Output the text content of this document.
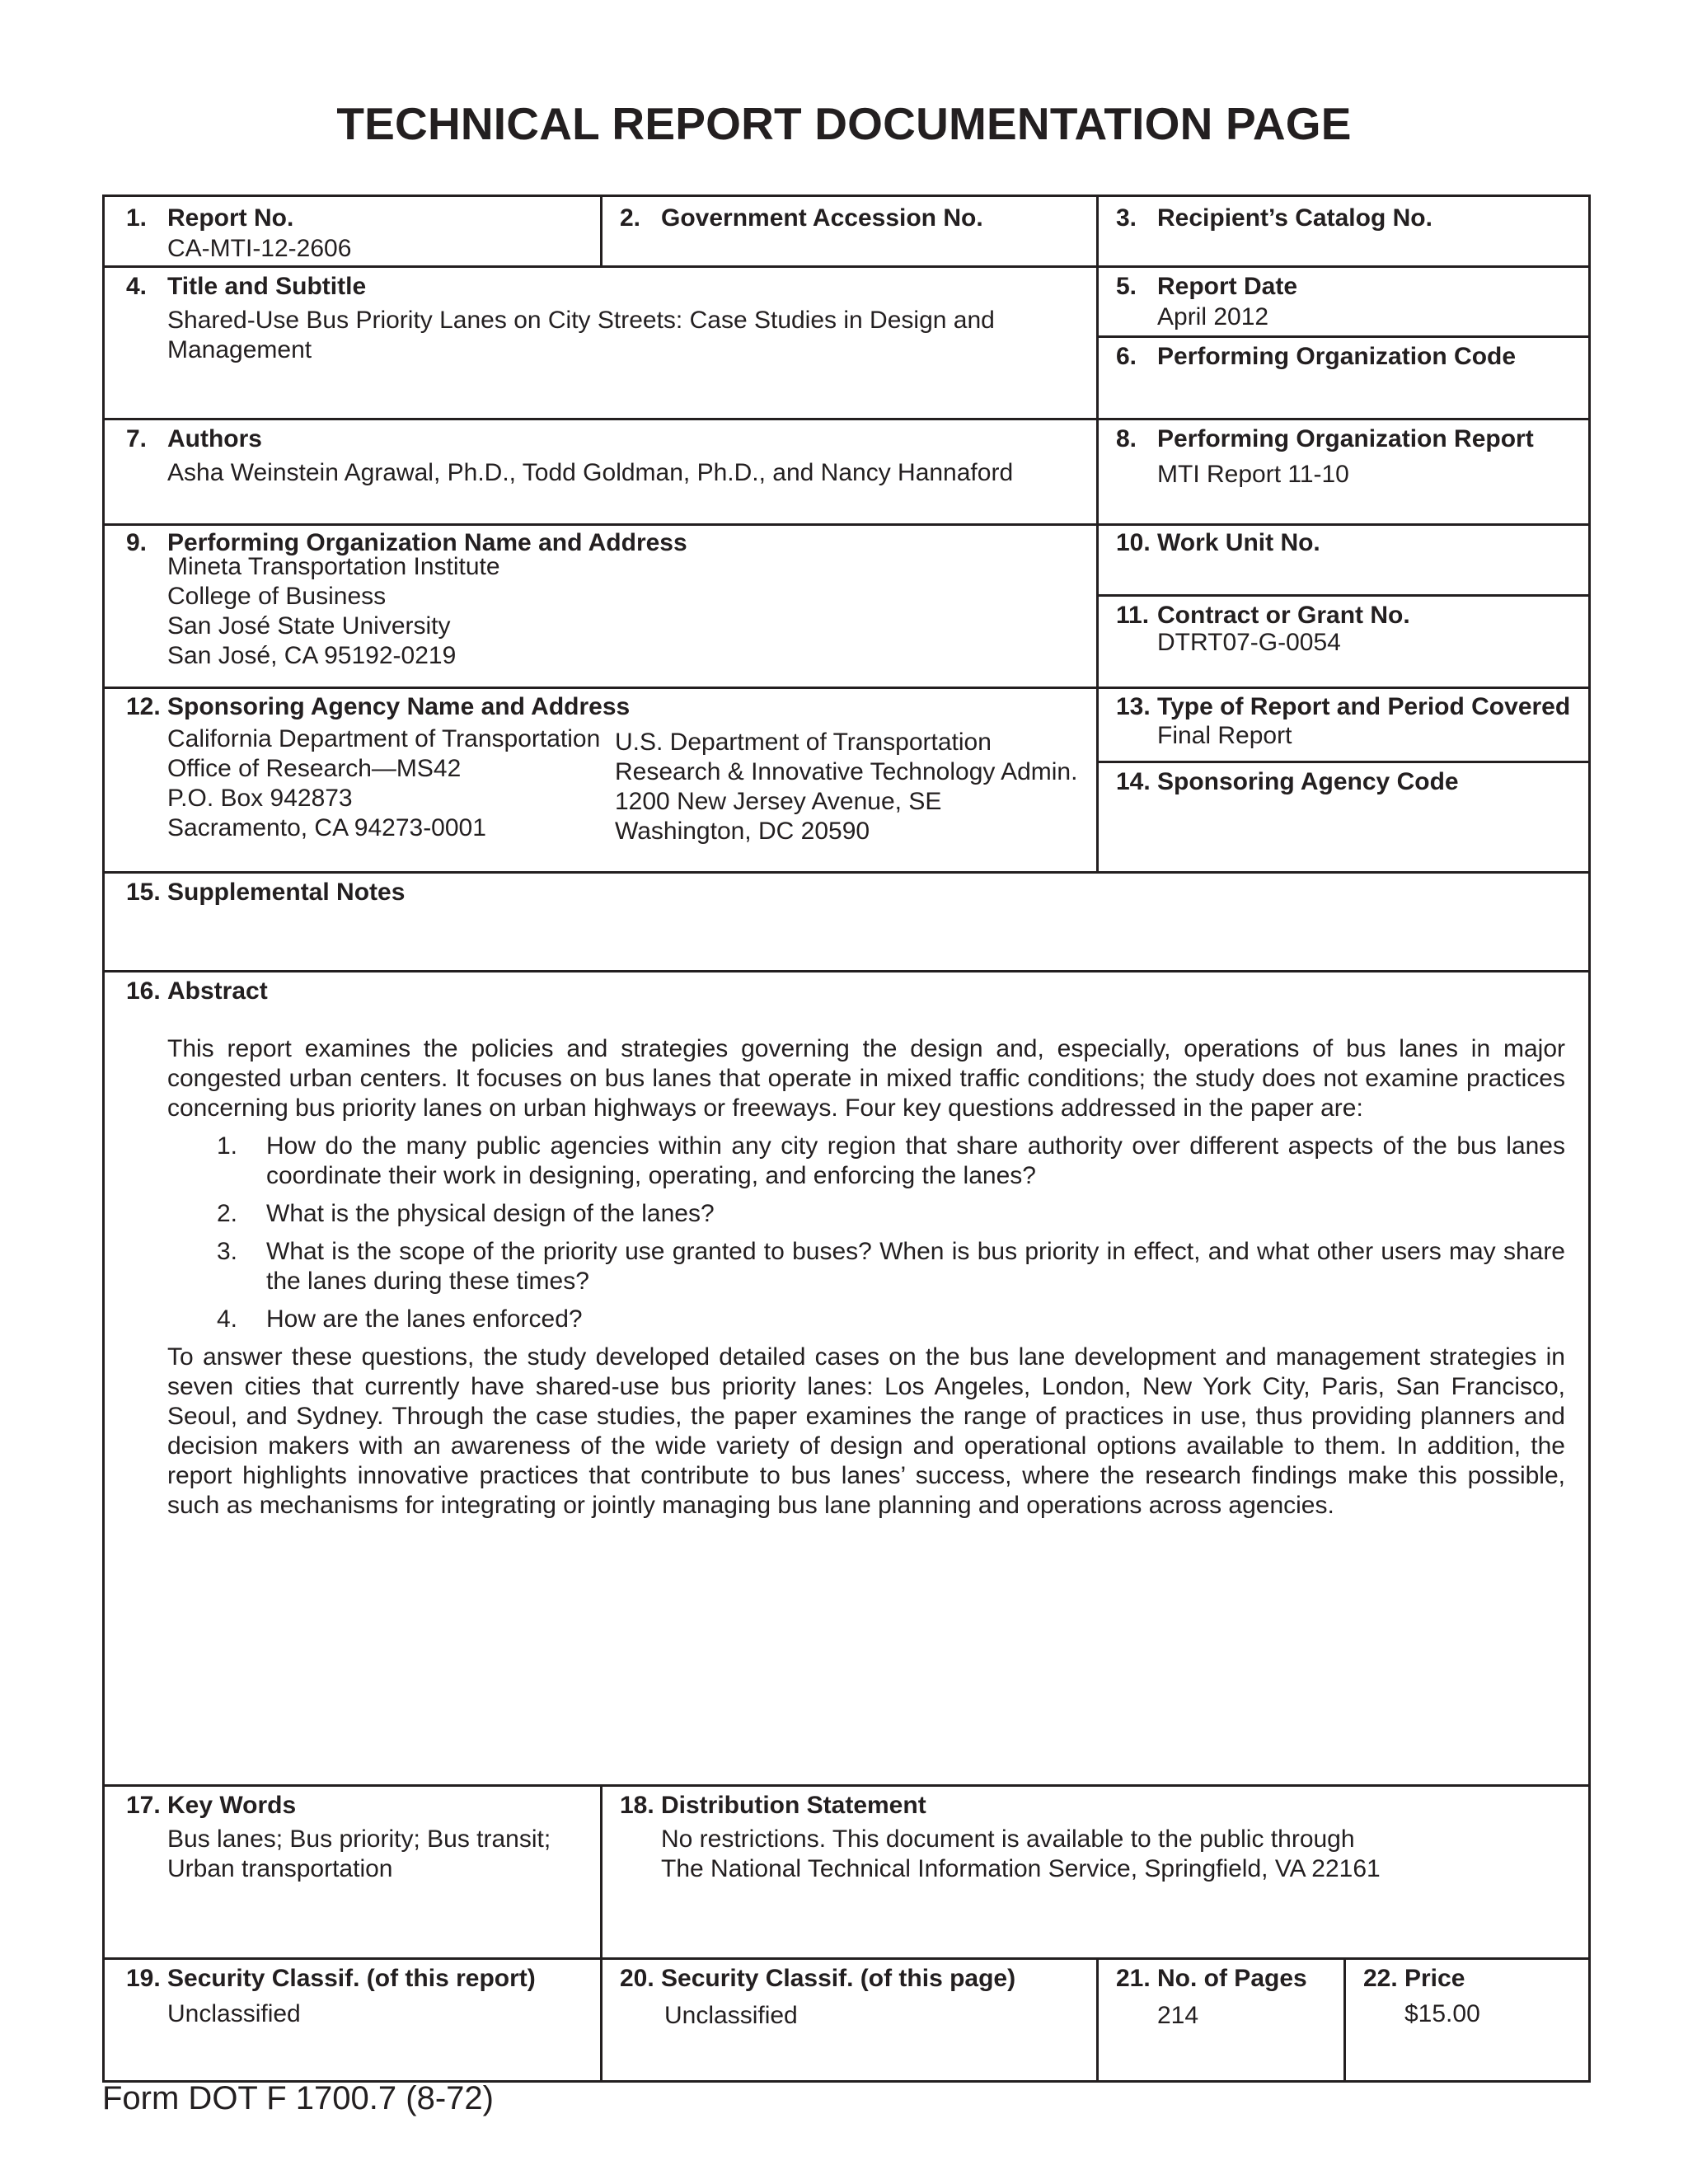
TECHNICAL REPORT DOCUMENTATION PAGE
1. Report No.
CA-MTI-12-2606
2. Government Accession No.	3. Recipient’s Catalog No.
4. Title and Subtitle
Shared-Use Bus Priority Lanes on City Streets: Case Studies in Design and
Management
5. Report Date
April 2012
6. Performing Organization Code
7. Authors
Asha Weinstein Agrawal, Ph.D., Todd Goldman, Ph.D., and Nancy Hannaford
8. Performing Organization Report
MTI Report 11-10
9. Performing Organization Name and Address
Mineta Transportation Institute
College of Business
San José State University
San José, CA 95192-0219
10. Work Unit No.
11. Contract or Grant No.
DTRT07-G-0054
12. Sponsoring Agency Name and Address
California Department of Transportation
Office of Research—MS42
P.O. Box 942873
Sacramento, CA 94273-0001
U.S. Department of Transportation
Research & Innovative Technology Admin.
1200 New Jersey Avenue, SE
Washington, DC 20590
13. Type of Report and Period Covered
Final Report
14. Sponsoring Agency Code
15. Supplemental Notes
16. Abstract

This report examines the policies and strategies governing the design and, especially, operations of bus lanes in major congested urban centers. It focuses on bus lanes that operate in mixed traffic conditions; the study does not examine practices concerning bus priority lanes on urban highways or freeways. Four key questions addressed in the paper are:

1. How do the many public agencies within any city region that share authority over different aspects of the bus lanes coordinate their work in designing, operating, and enforcing the lanes?
2. What is the physical design of the lanes?
3. What is the scope of the priority use granted to buses? When is bus priority in effect, and what other users may share the lanes during these times?
4. How are the lanes enforced?

To answer these questions, the study developed detailed cases on the bus lane development and management strategies in seven cities that currently have shared-use bus priority lanes: Los Angeles, London, New York City, Paris, San Francisco, Seoul, and Sydney. Through the case studies, the paper examines the range of practices in use, thus providing planners and decision makers with an awareness of the wide variety of design and operational options available to them. In addition, the report highlights innovative practices that contribute to bus lanes’ success, where the research findings make this possible, such as mechanisms for integrating or jointly managing bus lane planning and operations across agencies.

17. Key Words
Bus lanes; Bus priority; Bus transit;
Urban transportation
18. Distribution Statement
No restrictions. This document is available to the public through
The National Technical Information Service, Springfield, VA 22161
19. Security Classif. (of this report)
Unclassified
20. Security Classif. (of this page)
Unclassified
21. No. of Pages
214
22. Price
$15.00
Form DOT F 1700.7 (8-72)
